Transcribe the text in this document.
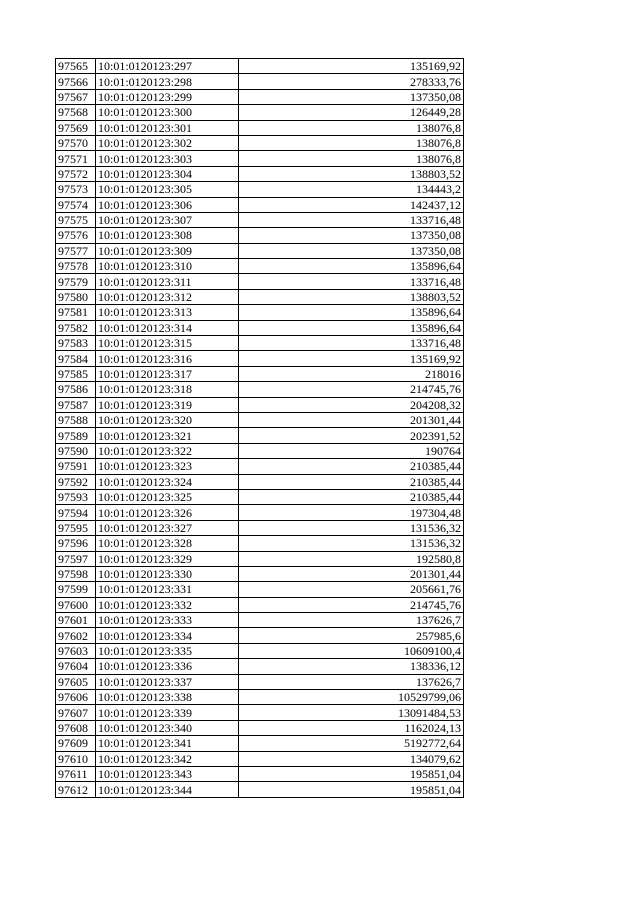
97565	10:01:0120123:297	135169,92
97566	10:01:0120123:298	278333,76
97567	10:01:0120123:299	137350,08
97568	10:01:0120123:300	126449,28
97569	10:01:0120123:301	138076,8
97570	10:01:0120123:302	138076,8
97571	10:01:0120123:303	138076,8
97572	10:01:0120123:304	138803,52
97573	10:01:0120123:305	134443,2
97574	10:01:0120123:306	142437,12
97575	10:01:0120123:307	133716,48
97576	10:01:0120123:308	137350,08
97577	10:01:0120123:309	137350,08
97578	10:01:0120123:310	135896,64
97579	10:01:0120123:311	133716,48
97580	10:01:0120123:312	138803,52
97581	10:01:0120123:313	135896,64
97582	10:01:0120123:314	135896,64
97583	10:01:0120123:315	133716,48
97584	10:01:0120123:316	135169,92
97585	10:01:0120123:317	218016
97586	10:01:0120123:318	214745,76
97587	10:01:0120123:319	204208,32
97588	10:01:0120123:320	201301,44
97589	10:01:0120123:321	202391,52
97590	10:01:0120123:322	190764
97591	10:01:0120123:323	210385,44
97592	10:01:0120123:324	210385,44
97593	10:01:0120123:325	210385,44
97594	10:01:0120123:326	197304,48
97595	10:01:0120123:327	131536,32
97596	10:01:0120123:328	131536,32
97597	10:01:0120123:329	192580,8
97598	10:01:0120123:330	201301,44
97599	10:01:0120123:331	205661,76
97600	10:01:0120123:332	214745,76
97601	10:01:0120123:333	137626,7
97602	10:01:0120123:334	257985,6
97603	10:01:0120123:335	10609100,4
97604	10:01:0120123:336	138336,12
97605	10:01:0120123:337	137626,7
97606	10:01:0120123:338	10529799,06
97607	10:01:0120123:339	13091484,53
97608	10:01:0120123:340	1162024,13
97609	10:01:0120123:341	5192772,64
97610	10:01:0120123:342	134079,62
97611	10:01:0120123:343	195851,04
97612	10:01:0120123:344	195851,04
